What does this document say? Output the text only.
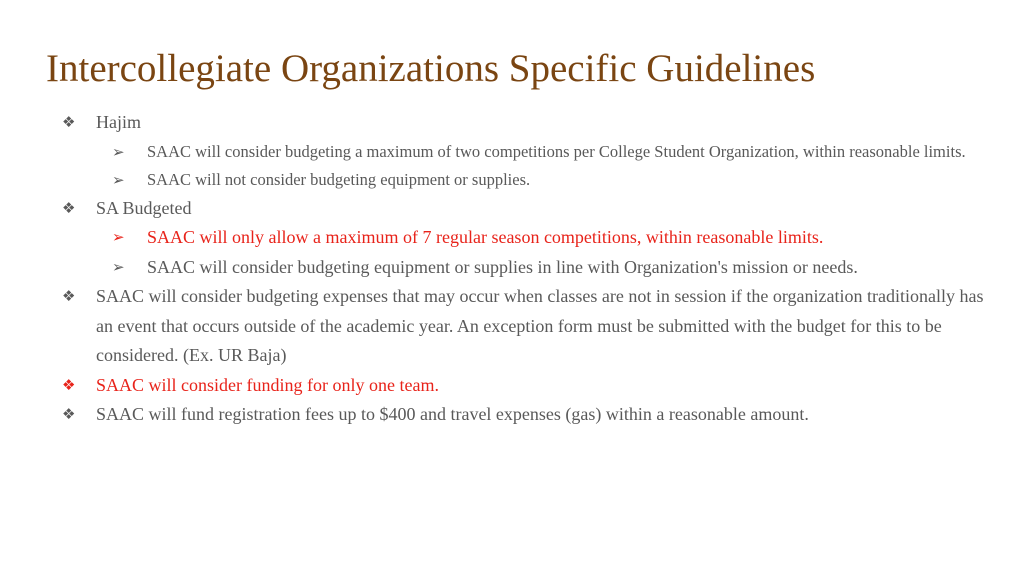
Intercollegiate Organizations Specific Guidelines
❖ Hajim
➢ SAAC will consider budgeting a maximum of two competitions per College Student Organization, within reasonable limits.
➢ SAAC will not consider budgeting equipment or supplies.
❖ SA Budgeted
➢ SAAC will only allow a maximum of 7 regular season competitions, within reasonable limits.
➢ SAAC will consider budgeting equipment or supplies in line with Organization's mission or needs.
❖ SAAC will consider budgeting expenses that may occur when classes are not in session if the organization traditionally has an event that occurs outside of the academic year. An exception form must be submitted with the budget for this to be considered. (Ex. UR Baja)
❖ SAAC will consider funding for only one team.
❖ SAAC will fund registration fees up to $400 and travel expenses (gas) within a reasonable amount.
